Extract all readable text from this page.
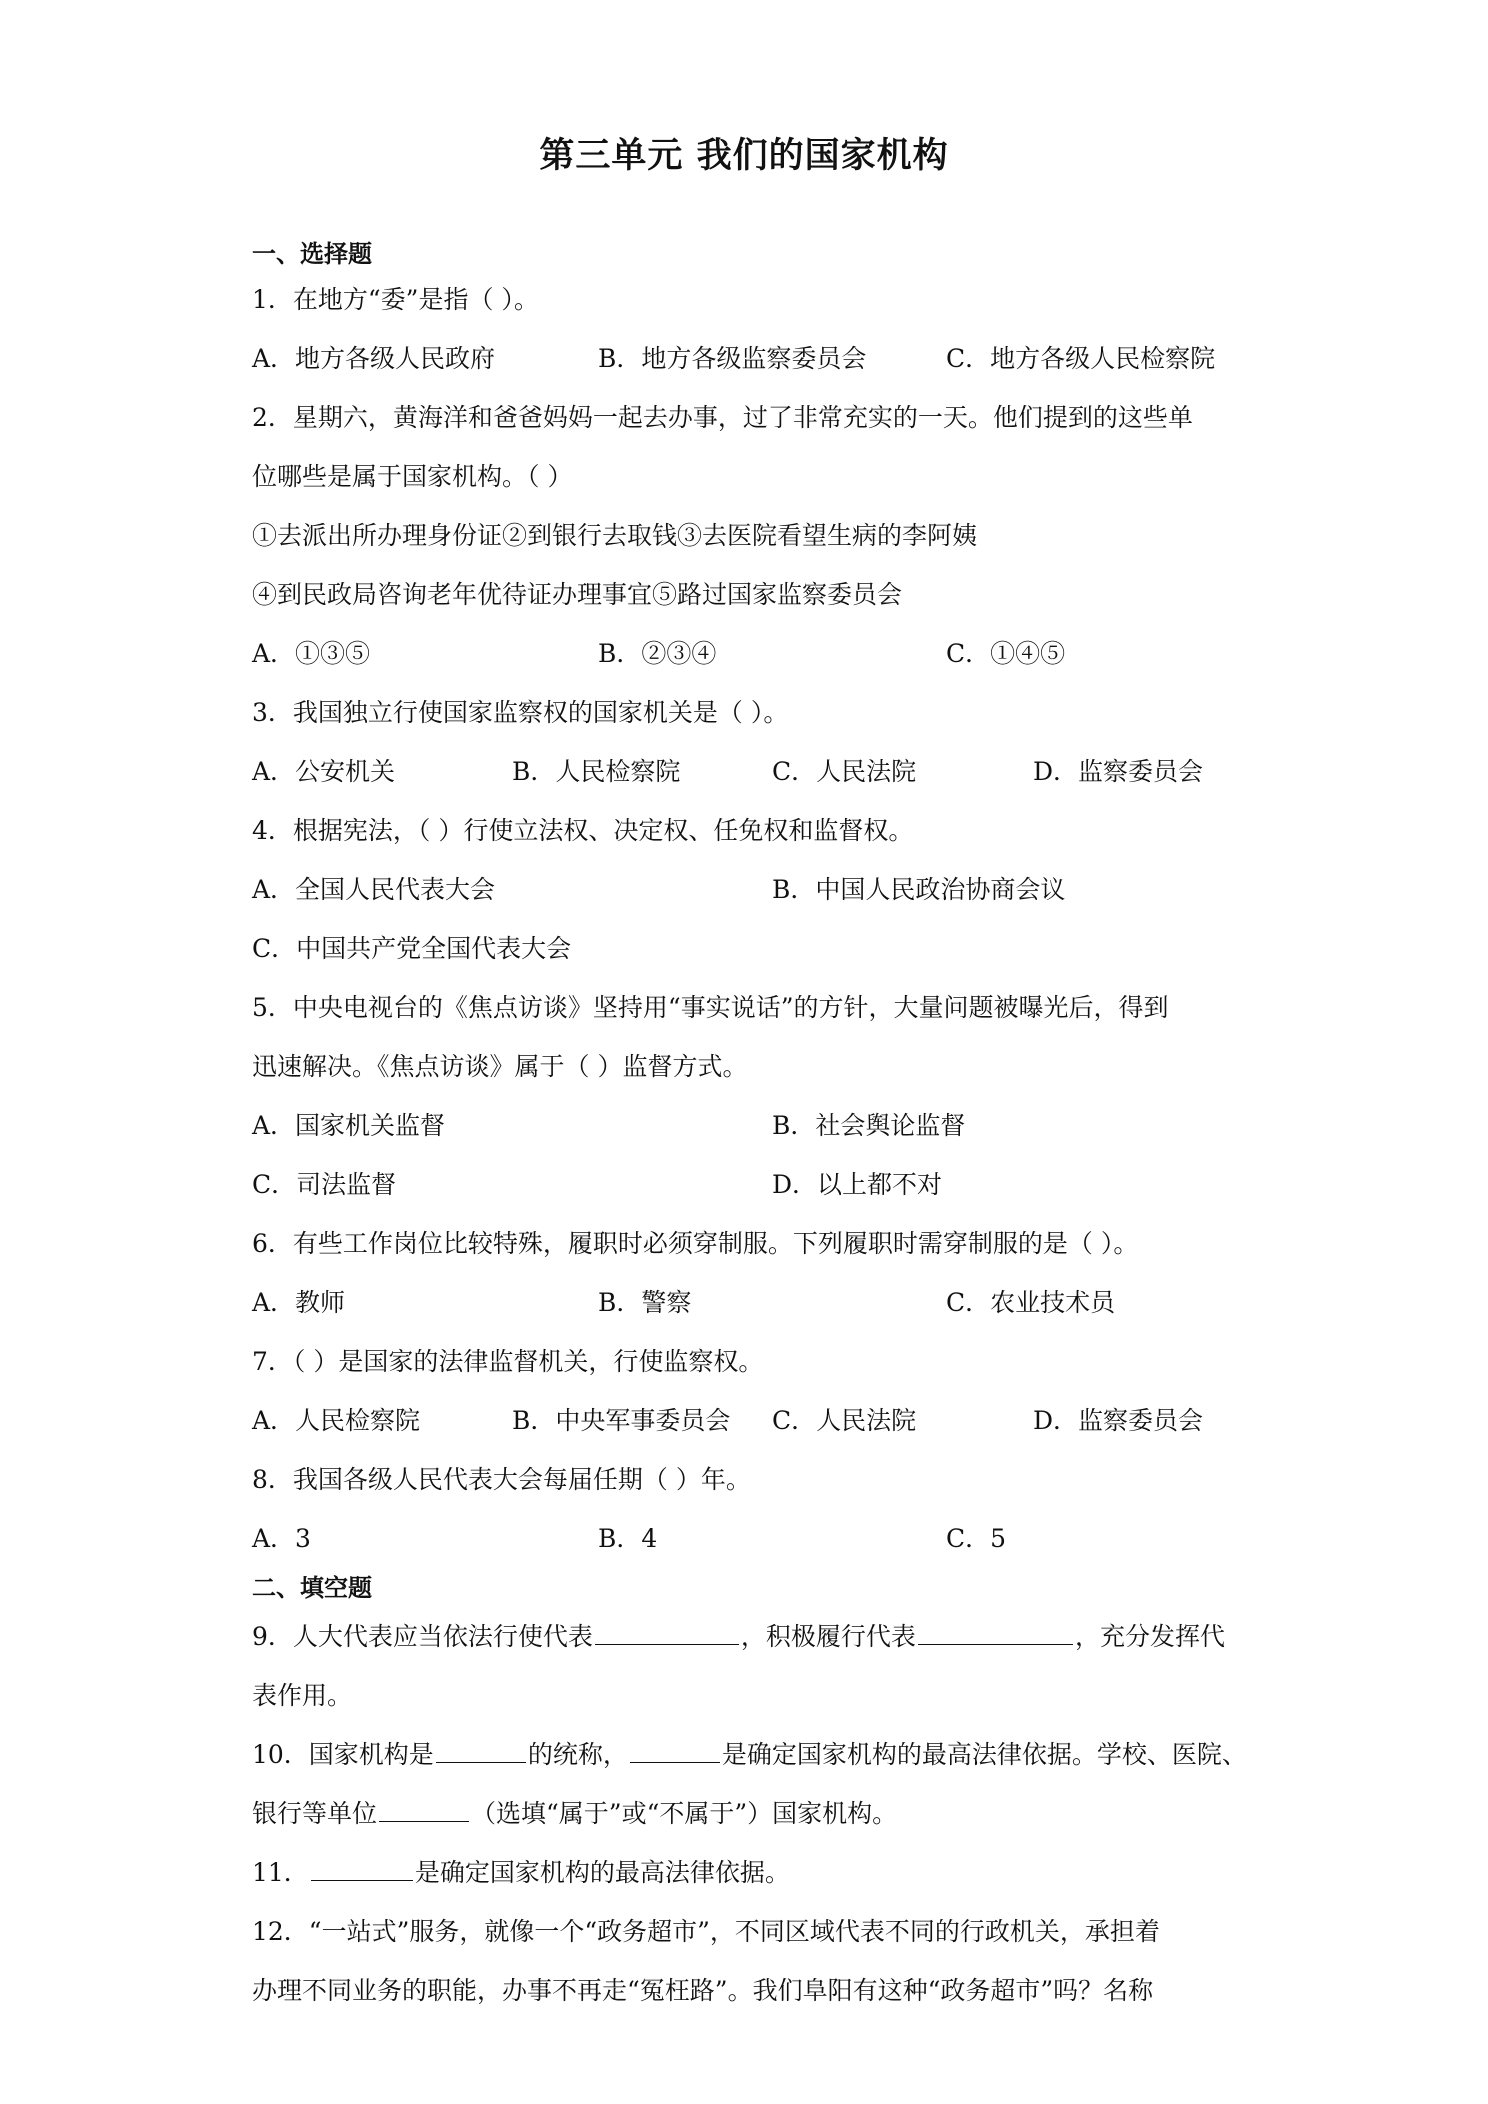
第三单元 我们的国家机构
一、选择题
1．在地方“委”是指（ ）。
A．地方各级人民政府	B．地方各级监察委员会	C．地方各级人民检察院
2．星期六，黄海洋和爸爸妈妈一起去办事，过了非常充实的一天。他们提到的这些单
位哪些是属于国家机构。（ ）
①去派出所办理身份证②到银行去取钱③去医院看望生病的李阿姨
④到民政局咨询老年优待证办理事宜⑤路过国家监察委员会
A．①③⑤	B．②③④	C．①④⑤
3．我国独立行使国家监察权的国家机关是（ ）。
A．公安机关	B．人民检察院	C．人民法院	D．监察委员会
4．根据宪法，（ ）行使立法权、决定权、任免权和监督权。
A．全国人民代表大会	B．中国人民政治协商会议
C．中国共产党全国代表大会
5．中央电视台的《焦点访谈》坚持用“事实说话”的方针，大量问题被曝光后，得到
迅速解决。《焦点访谈》属于（ ）监督方式。
A．国家机关监督	B．社会舆论监督
C．司法监督	D．以上都不对
6．有些工作岗位比较特殊，履职时必须穿制服。下列履职时需穿制服的是（ ）。
A．教师	B．警察	C．农业技术员
7．（ ）是国家的法律监督机关，行使监察权。
A．人民检察院	B．中央军事委员会 C．人民法院	D．监察委员会
8．我国各级人民代表大会每届任期（ ）年。
A．3	B．4	C．5
二、填空题
9．人大代表应当依法行使代表	，积极履行代表	，充分发挥代
表作用。
10．国家机构是	的统称，	是确定国家机构的最高法律依据。学校、医院、
银行等单位	（选填“属于”或“不属于”）国家机构。
11．	是确定国家机构的最高法律依据。
12．“一站式”服务，就像一个“政务超市”，不同区域代表不同的行政机关，承担着
办理不同业务的职能，办事不再走“冤枉路”。我们阜阳有这种“政务超市”吗？名称
